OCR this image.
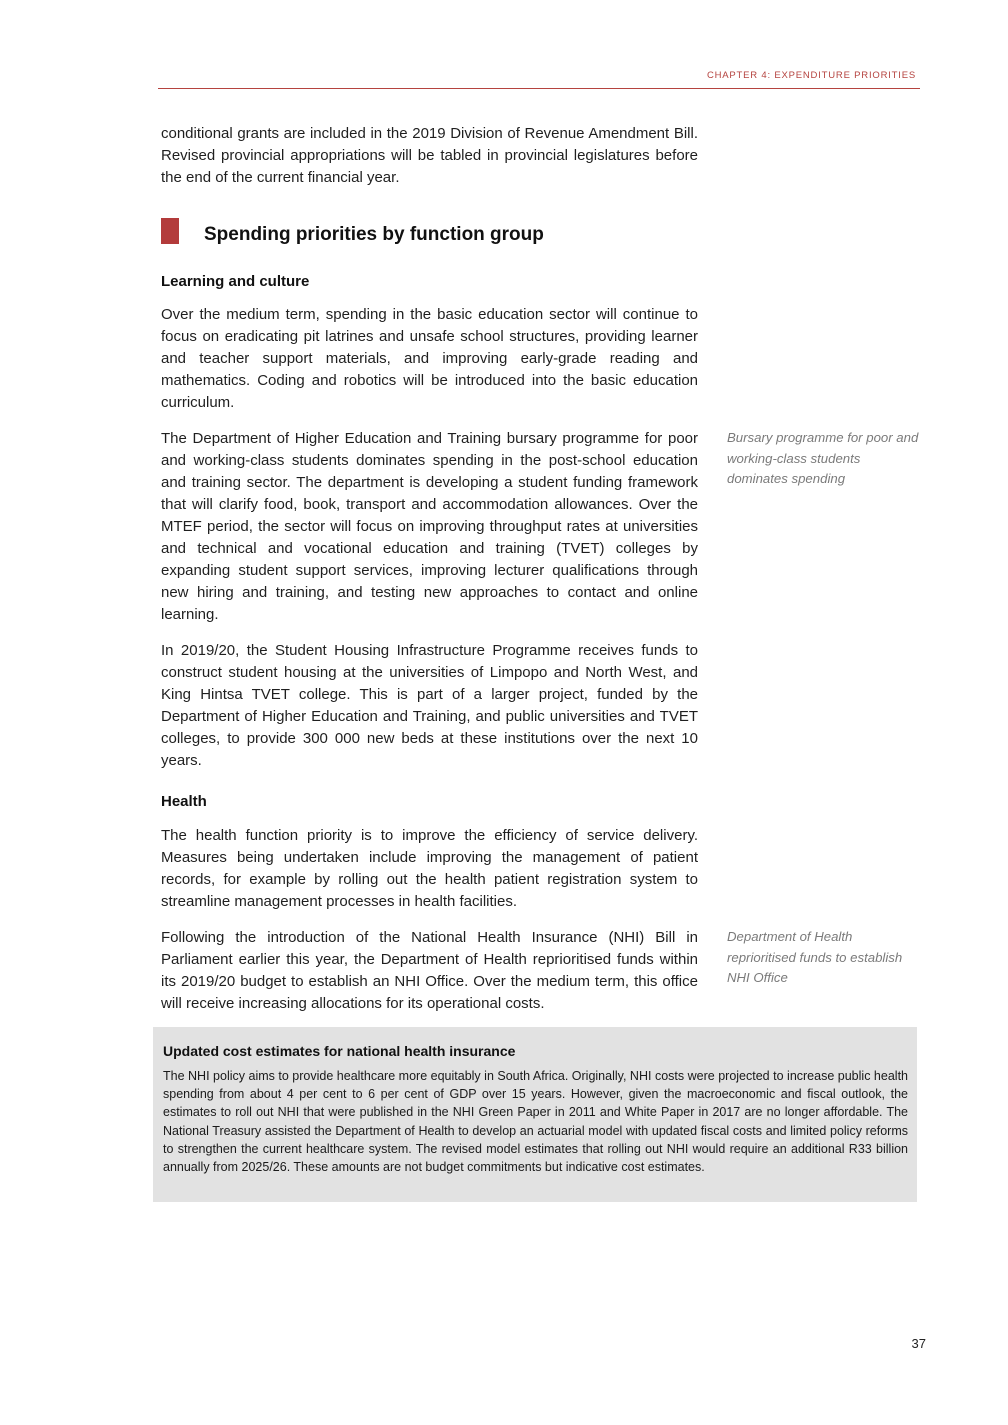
CHAPTER 4: EXPENDITURE PRIORITIES

conditional grants are included in the 2019 Division of Revenue Amendment Bill. Revised provincial appropriations will be tabled in provincial legislatures before the end of the current financial year.

Spending priorities by function group
Learning and culture

Over the medium term, spending in the basic education sector will continue to focus on eradicating pit latrines and unsafe school structures, providing learner and teacher support materials, and improving early-grade reading and mathematics. Coding and robotics will be introduced into the basic education curriculum.

The Department of Higher Education and Training bursary programme for poor and working-class students dominates spending in the post-school education and training sector. The department is developing a student funding framework that will clarify food, book, transport and accommodation allowances. Over the MTEF period, the sector will focus on improving throughput rates at universities and technical and vocational education and training (TVET) colleges by expanding student support services, improving lecturer qualifications through new hiring and training, and testing new approaches to contact and online learning.

In 2019/20, the Student Housing Infrastructure Programme receives funds to construct student housing at the universities of Limpopo and North West, and King Hintsa TVET college. This is part of a larger project, funded by the Department of Higher Education and Training, and public universities and TVET colleges, to provide 300 000 new beds at these institutions over the next 10 years.

Health

The health function priority is to improve the efficiency of service delivery. Measures being undertaken include improving the management of patient records, for example by rolling out the health patient registration system to streamline management processes in health facilities.

Following the introduction of the National Health Insurance (NHI) Bill in Parliament earlier this year, the Department of Health reprioritised funds within its 2019/20 budget to establish an NHI Office. Over the medium term, this office will receive increasing allocations for its operational costs.

Bursary programme for poor and working-class students dominates spending
Department of Health reprioritised funds to establish NHI Office
Updated cost estimates for national health insurance

The NHI policy aims to provide healthcare more equitably in South Africa. Originally, NHI costs were projected to increase public health spending from about 4 per cent to 6 per cent of GDP over 15 years. However, given the macroeconomic and fiscal outlook, the estimates to roll out NHI that were published in the NHI Green Paper in 2011 and White Paper in 2017 are no longer affordable. The National Treasury assisted the Department of Health to develop an actuarial model with updated fiscal costs and limited policy reforms to strengthen the current healthcare system. The revised model estimates that rolling out NHI would require an additional R33 billion annually from 2025/26. These amounts are not budget commitments but indicative cost estimates.

37
